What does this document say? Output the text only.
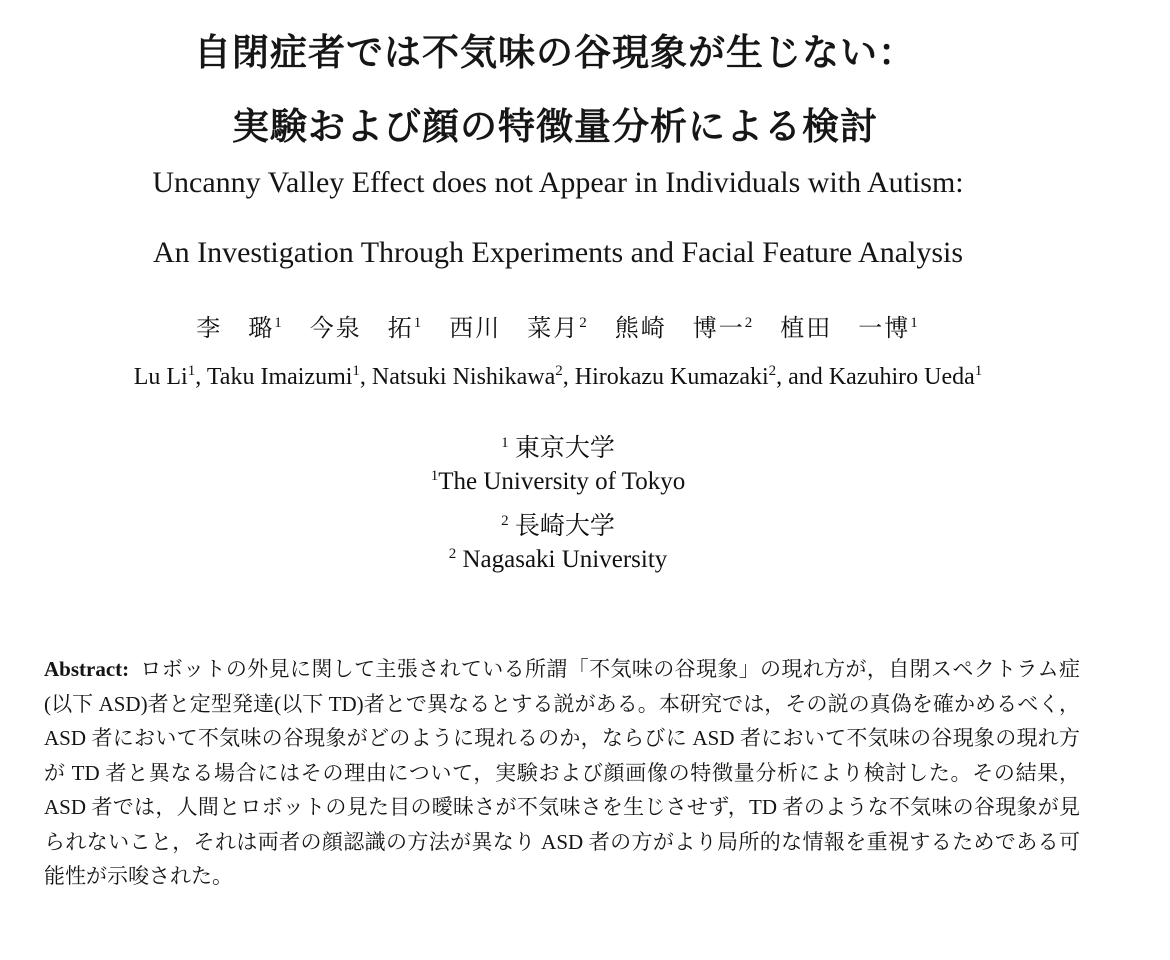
自閉症者では不気味の谷現象が生じない：
実験および顔の特徴量分析による検討
Uncanny Valley Effect does not Appear in Individuals with Autism:
An Investigation Through Experiments and Facial Feature Analysis
李　璐$^1$　 今泉　拓$^1$　 西川　菜月$^2$　 熊崎　博一$^2$　 植田　一博$^1$
Lu Li$^1$, Taku Imaizumi$^1$, Natsuki Nishikawa$^2$, Hirokazu Kumazaki$^2$, and Kazuhiro Ueda$^1$
$^1$ 東京大学
$^1$The University of Tokyo
$^2$ 長崎大学
$^2$ Nagasaki University
Abstract: ロボットの外見に関して主張されている所謂「不気味の谷現象」の現れ方が，自閉スペクトラム症(以下 ASD)者と定型発達(以下 TD)者とで異なるとする説がある。本研究では，その説の真偽を確かめるべく，ASD 者において不気味の谷現象がどのように現れるのか，ならびに ASD 者において不気味の谷現象の現れ方が TD 者と異なる場合にはその理由について，実験および顔画像の特徴量分析により検討した。その結果，ASD 者では，人間とロボットの見た目の曖昧さが不気味さを生じさせず，TD 者のような不気味の谷現象が見られないこと，それは両者の顔認識の方法が異なり ASD 者の方がより局所的な情報を重視するためである可能性が示唆された。
